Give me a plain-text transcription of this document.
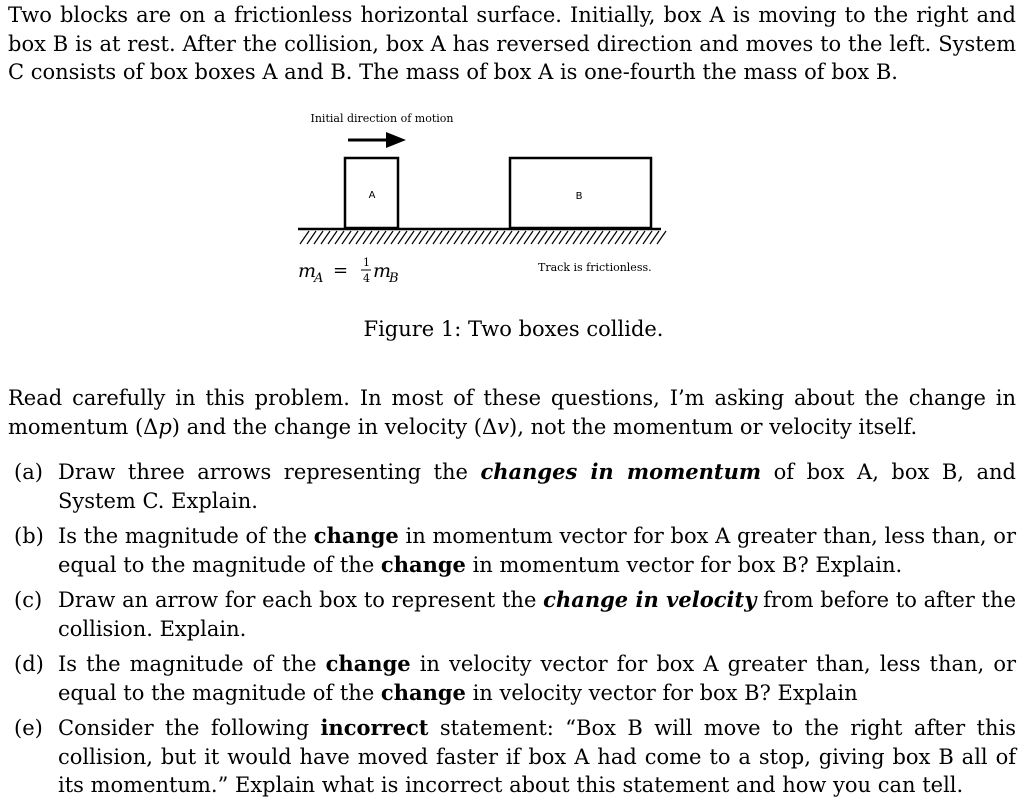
Two blocks are on a frictionless horizontal surface. Initially, box A is moving to the right and box B is at rest. After the collision, box A has reversed direction and moves to the left. System C consists of box boxes A and B. The mass of box A is one-fourth the mass of box B.
Initial direction of motion
A	B
m
A = 1
4 m
B
Track is frictionless.
Figure 1: Two boxes collide.
Read carefully in this problem. In most of these questions, I’m asking about the change in momentum (Δp) and the change in velocity (Δv), not the momentum or velocity itself.
(a) Draw three arrows representing the changes in momentum of box A, box B, and System C. Explain.
(b) Is the magnitude of the change in momentum vector for box A greater than, less than, or equal to the magnitude of the change in momentum vector for box B? Explain.
(c) Draw an arrow for each box to represent the change in velocity from before to after the collision. Explain.
(d) Is the magnitude of the change in velocity vector for box A greater than, less than, or equal to the magnitude of the change in velocity vector for box B? Explain
(e) Consider the following incorrect statement: “Box B will move to the right after this collision, but it would have moved faster if box A had come to a stop, giving box B all of its momentum.” Explain what is incorrect about this statement and how you can tell.
